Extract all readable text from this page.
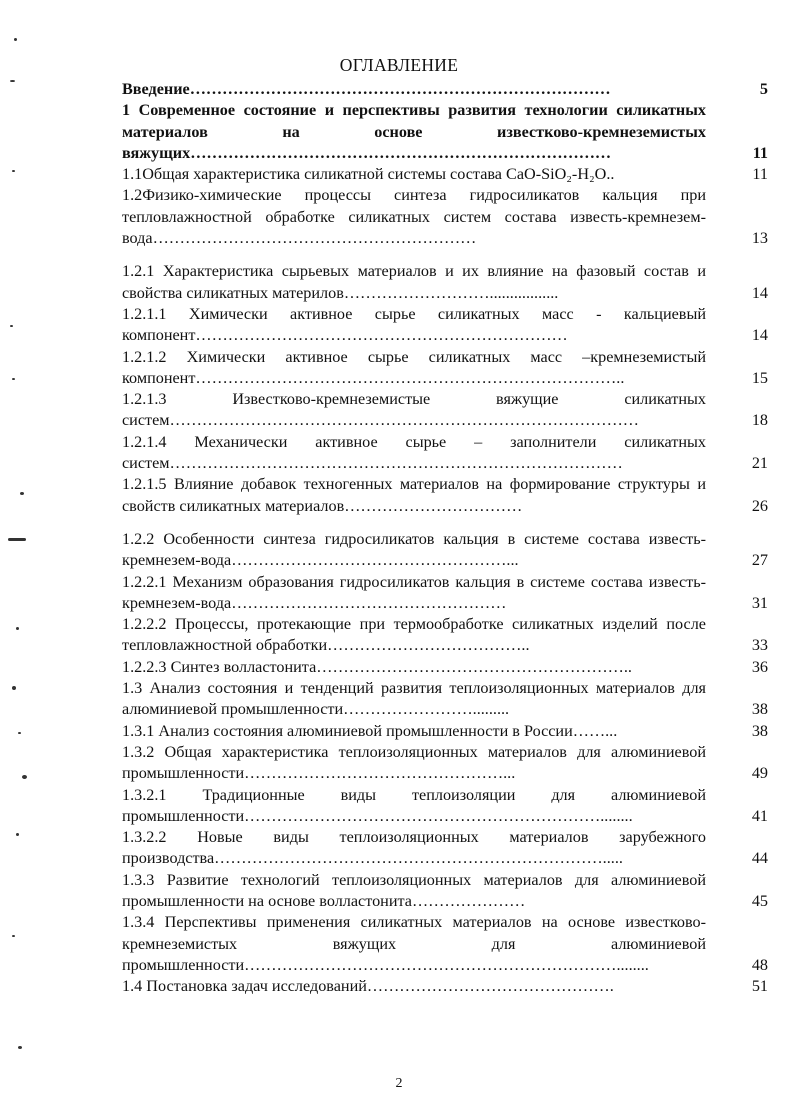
ОГЛАВЛЕНИЕ
Введение……………………………………………………………………	5
1 Современное состояние и перспективы развития технологии силикатных материалов на основе известково-кремнеземистых вяжущих……………………………………………………………………	11
1.1Общая характеристика силикатной системы состава CaO-SiO₂-H₂O..	11
1.2Физико-химические процессы синтеза гидросиликатов кальция при тепловлажностной обработке силикатных систем состава известь-кремнезем-вода……………………………………………………	13
1.2.1 Характеристика сырьевых материалов и их влияние на фазовый состав и свойства силикатных материлов……………………….................	14
1.2.1.1 Химически активное сырье силикатных масс - кальциевый компонент……………………………………………………………	14
1.2.1.2 Химически активное сырье силикатных масс –кремнеземистый компонент……………………………………………………………………..	15
1.2.1.3 Известково-кремнеземистые вяжущие силикатных систем……………………………………………………………………………	18
1.2.1.4 Механически активное сырье – заполнители силикатных систем…………………………………………………………………………	21
1.2.1.5 Влияние добавок техногенных материалов на формирование структуры и свойств силикатных материалов……………………………	26
1.2.2 Особенности синтеза гидросиликатов кальция в системе состава известь-кремнезем-вода……………………………………………...	27
1.2.2.1 Механизм образования гидросиликатов кальция в системе состава известь-кремнезем-вода……………………………………………	31
1.2.2.2 Процессы, протекающие при термообработке силикатных изделий после тепловлажностной обработки………………………………..	33
1.2.2.3 Синтез волластонита…………………………………………………..	36
1.3 Анализ состояния и тенденций развития теплоизоляционных материалов для алюминиевой промышленности…………………….........	38
1.3.1 Анализ состояния алюминиевой промышленности в России……...	38
1.3.2 Общая характеристика теплоизоляционных материалов для алюминиевой промышленности…………………………………………...	49
1.3.2.1 Традиционные виды теплоизоляции для алюминиевой промышленности…………………………………………………………........	41
1.3.2.2 Новые виды теплоизоляционных материалов зарубежного производства……………………………………………………………….....	44
1.3.3 Развитие технологий теплоизоляционных материалов для алюминиевой промышленности на основе волластонита…………………	45
1.3.4 Перспективы применения силикатных материалов на основе известково-кремнеземистых вяжущих для алюминиевой промышленности……………………………………………………………........	48
1.4 Постановка задач исследований……………………………………….	51
2
